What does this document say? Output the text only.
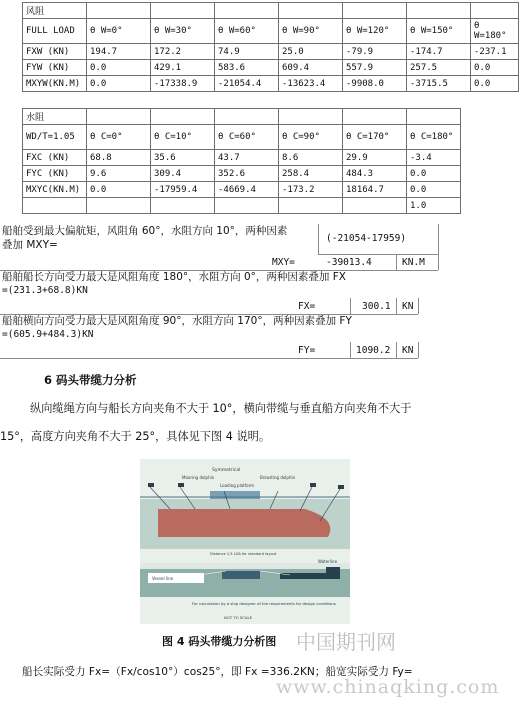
风阻							
FULL LOAD	θ W=0°	θ W=30°	θ W=60°	θ W=90°	θ W=120°	θ W=150°	θ W=180°
FXW (KN)	194.7	172.2	74.9	25.0	-79.9	-174.7	-237.1
FYW (KN)	0.0	429.1	583.6	609.4	557.9	257.5	0.0
MXYW(KN.M)	0.0	-17338.9	-21054.4	-13623.4	-9908.0	-3715.5	0.0
水阻						
WD/T=1.05	θ C=0°	θ C=10°	θ C=60°	θ C=90°	θ C=170°	θ C=180°
FXC (KN)	68.8	35.6	43.7	8.6	29.9	-3.4
FYC (KN)	9.6	309.4	352.6	258.4	484.3	0.0
MXYC(KN.M)	0.0	-17959.4	-4669.4	-173.2	18164.7	0.0
						1.0
船舶受到最大偏航矩，风阻角 60°，水阻方向 10°，两种因素
叠加 MXY=
(-21054-17959)
MXY=	-39013.4	KN.M
船舶船长方向受力最大是风阻角度 180°，水阻方向 0°，两种因素叠加 FX
=(231.3+68.8)KN
FX=	300.1 KN
船舶横向方向受力最大是风阻角度 90°，水阻方向 170°，两种因素叠加 FY
=(605.9+484.3)KN
FY=	1090.2 KN
6 码头带缆力分析
纵向缆绳方向与船长方向夹角不大于 10°，横向带缆与垂直船方向夹角不大于
15°，高度方向夹角不大于 25°，具体见下图 4 说明。
Symmetrical
Mooring dolphin
Loading platform
Breasting dolphin
Distance 1.5 LOA for standard layout
Vessel line
Waterline
For calculation by a ship designer of the requirements for design conditions
NOT TO SCALE
图 4 码头带缆力分析图 中国期刊网
www.chinaqking.com
船长实际受力 Fx=（Fx/cos10°）cos25°，即 Fx =336.2KN；船宽实际受力 Fy=
